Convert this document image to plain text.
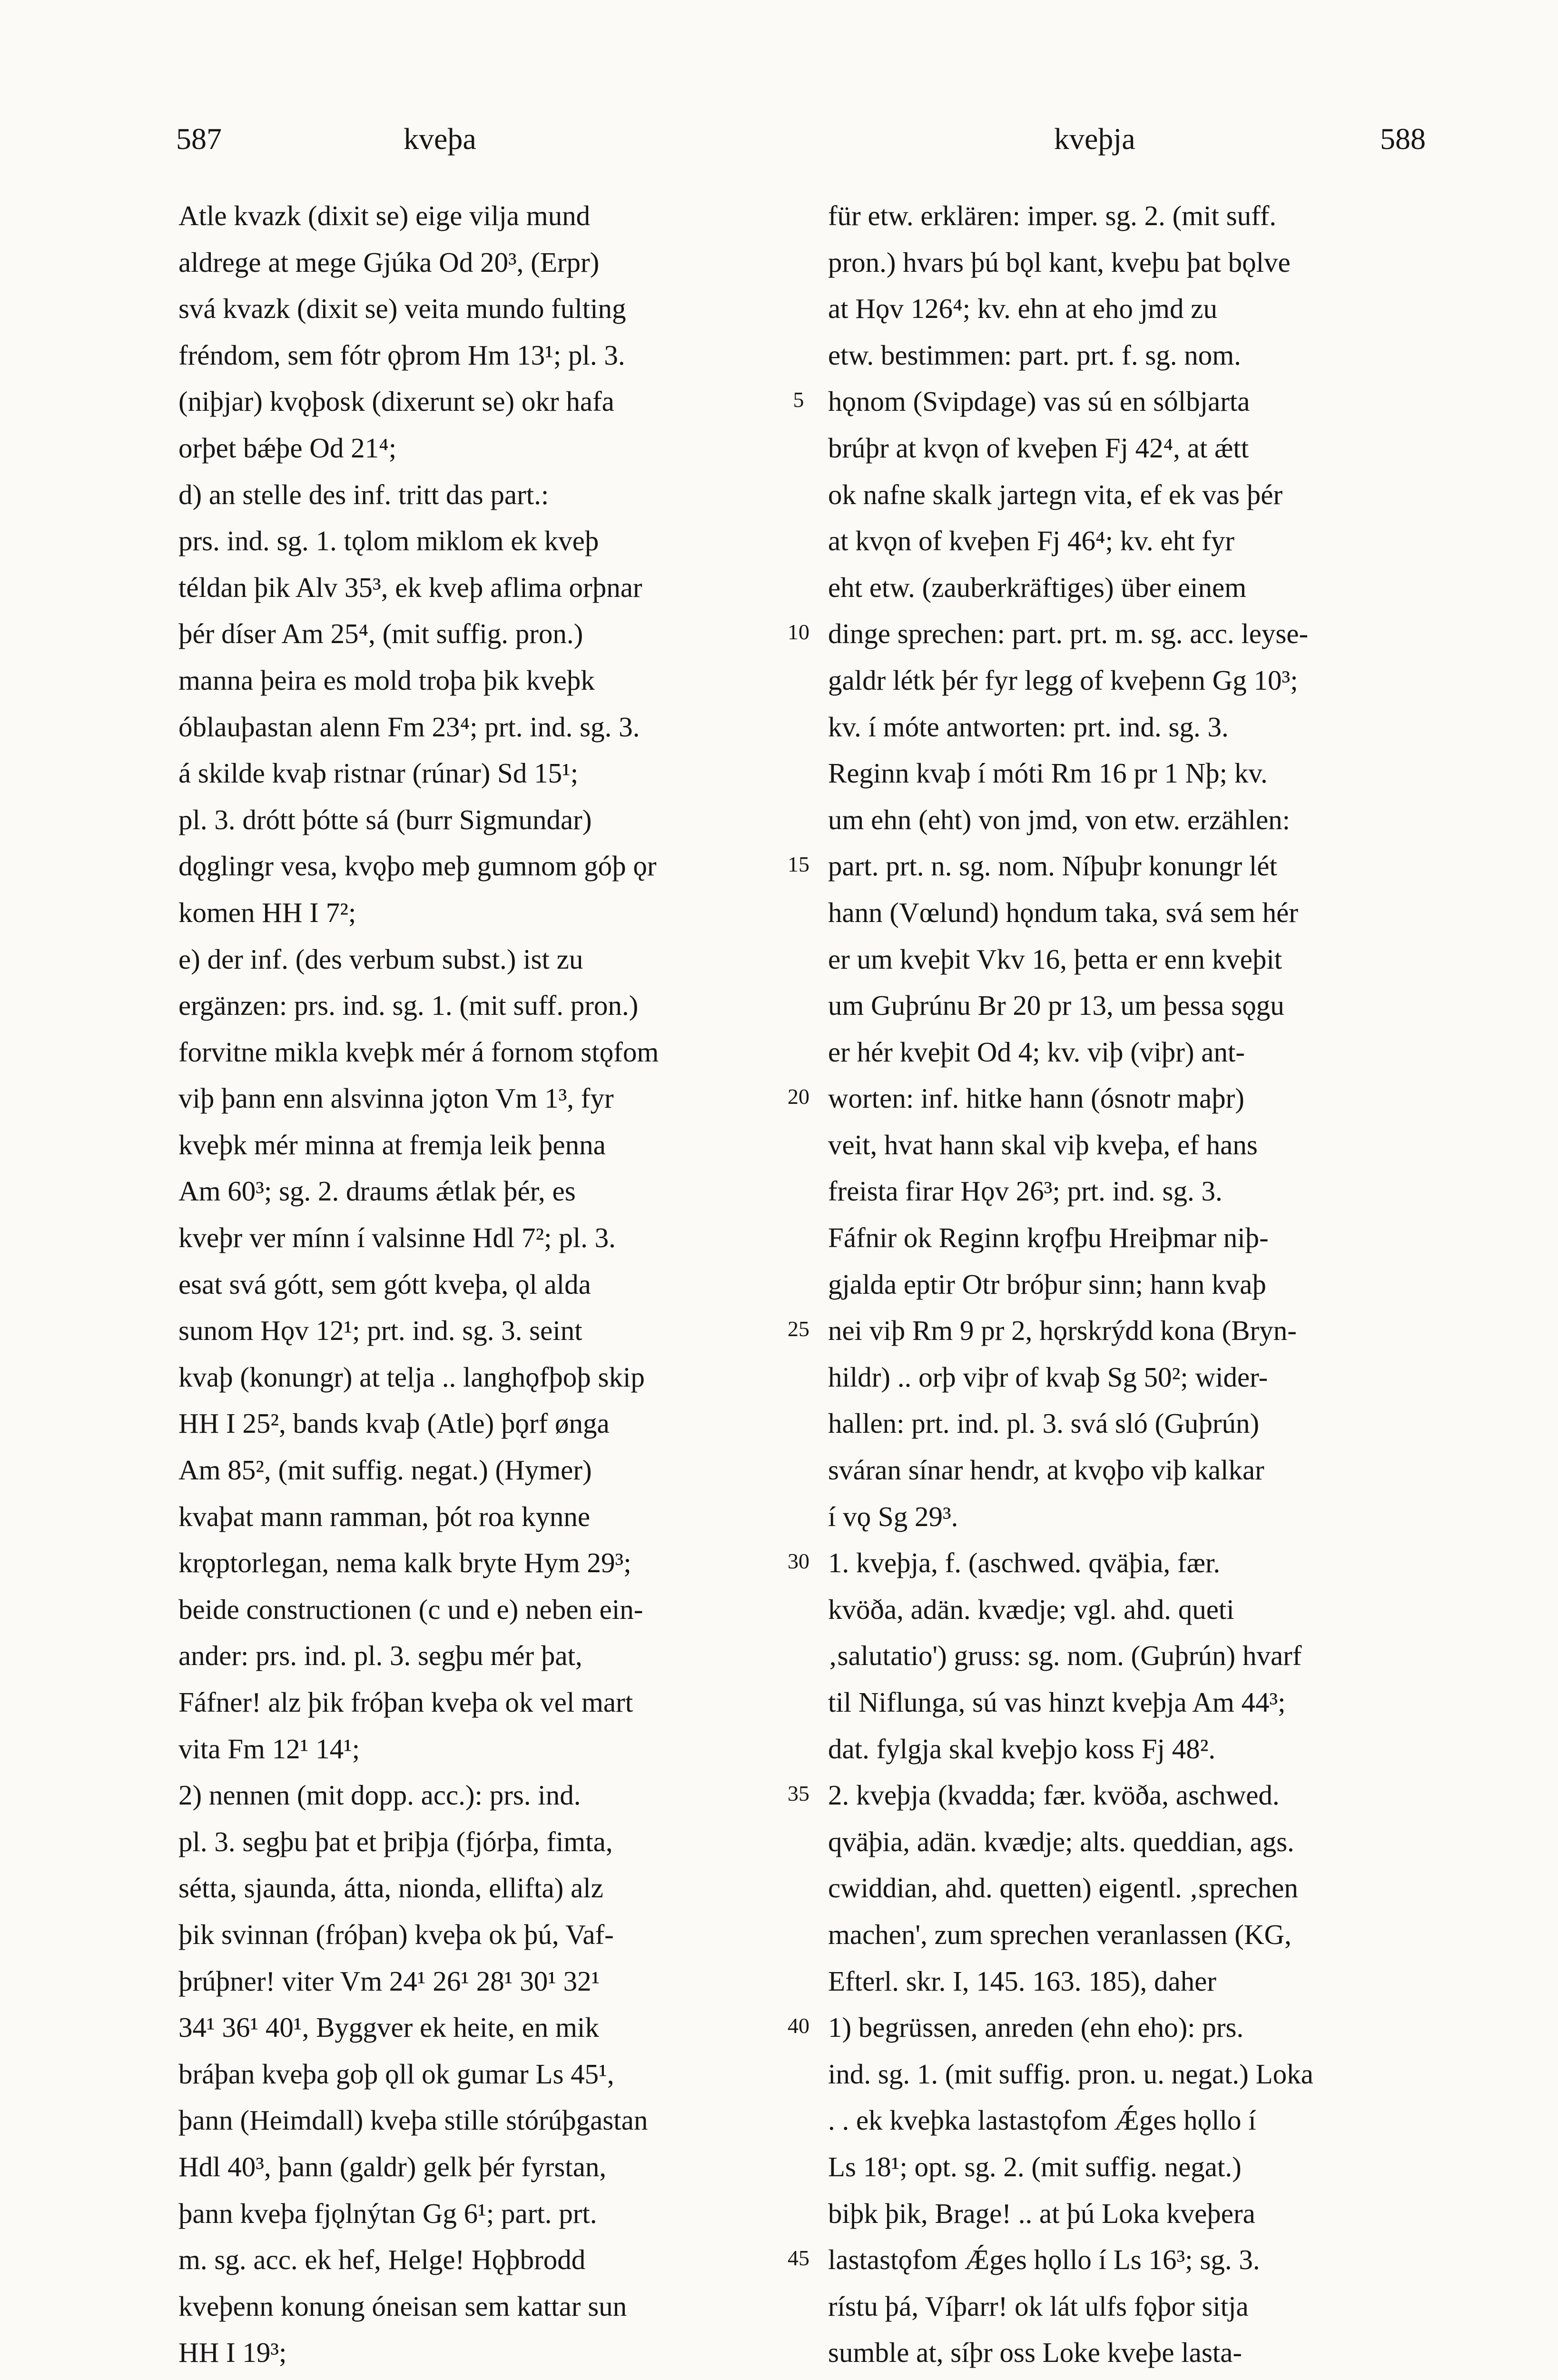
587	kveþa	kveþja	588
Atle kvazk (dixit se) eige vilja mund
aldrege at mege Gjúka Od 20³, (Erpr)
svá kvazk (dixit se) veita mundo fulting
fréndom, sem fótr ǫþrom Hm 13¹; pl. 3.
(niþjar) kvǫþosk (dixerunt se) okr hafa
orþet bǽþe Od 21⁴;
d) an stelle des inf. tritt das part.:
prs. ind. sg. 1. tǫlom miklom ek kveþ
téldan þik Alv 35³, ek kveþ aflima orþnar
þér díser Am 25⁴, (mit suffig. pron.)
manna þeira es mold troþa þik kveþk
óblauþastan alenn Fm 23⁴; prt. ind. sg. 3.
á skilde kvaþ ristnar (rúnar) Sd 15¹;
pl. 3. drótt þótte sá (burr Sigmundar)
dǫglingr vesa, kvǫþo meþ gumnom góþ ǫr
komen HH I 7²;
e) der inf. (des verbum subst.) ist zu
ergänzen: prs. ind. sg. 1. (mit suff. pron.)
forvitne mikla kveþk mér á fornom stǫfom
viþ þann enn alsvinna jǫton Vm 1³, fyr
kveþk mér minna at fremja leik þenna
Am 60³; sg. 2. draums ǽtlak þér, es
kveþr ver mínn í valsinne Hdl 7²; pl. 3.
esat svá gótt, sem gótt kveþa, ǫl alda
sunom Hǫv 12¹; prt. ind. sg. 3. seint
kvaþ (konungr) at telja .. langhǫfþoþ skip
HH I 25², bands kvaþ (Atle) þǫrf ønga
Am 85², (mit suffig. negat.) (Hymer)
kvaþat mann ramman, þót roa kynne
krǫptorlegan, nema kalk bryte Hym 29³;
beide constructionen (c und e) neben ein-
ander: prs. ind. pl. 3. segþu mér þat,
Fáfner! alz þik fróþan kveþa ok vel mart
vita Fm 12¹ 14¹;
2) nennen (mit dopp. acc.): prs. ind.
pl. 3. segþu þat et þriþja (fjórþa, fimta,
sétta, sjaunda, átta, nionda, ellifta) alz
þik svinnan (fróþan) kveþa ok þú, Vaf-
þrúþner! viter Vm 24¹ 26¹ 28¹ 30¹ 32¹
34¹ 36¹ 40¹, Byggver ek heite, en mik
bráþan kveþa goþ ǫll ok gumar Ls 45¹,
þann (Heimdall) kveþa stille stórúþgastan
Hdl 40³, þann (galdr) gelk þér fyrstan,
þann kveþa fjǫlnýtan Gg 6¹; part. prt.
m. sg. acc. ek hef, Helge! Hǫþbrodd
kveþenn konung óneisan sem kattar sun
HH I 19³;
für etw. erklären: imper. sg. 2. (mit suff.
pron.) hvars þú bǫl kant, kveþu þat bǫlve
at Hǫv 126⁴; kv. ehn at eho jmd zu
etw. bestimmen: part. prt. f. sg. nom.
hǫnom (Svipdage) vas sú en sólbjarta
brúþr at kvǫn of kveþen Fj 42⁴, at ǽtt
ok nafne skalk jartegn vita, ef ek vas þér
at kvǫn of kveþen Fj 46⁴; kv. eht fyr
eht etw. (zauberkräftiges) über einem
dinge sprechen: part. prt. m. sg. acc. leyse-
galdr létk þér fyr legg of kveþenn Gg 10³;
kv. í móte antworten: prt. ind. sg. 3.
Reginn kvaþ í móti Rm 16 pr 1 Nþ; kv.
um ehn (eht) von jmd, von etw. erzählen:
part. prt. n. sg. nom. Níþuþr konungr lét
hann (Vœlund) hǫndum taka, svá sem hér
er um kveþit Vkv 16, þetta er enn kveþit
um Guþrúnu Br 20 pr 13, um þessa sǫgu
er hér kveþit Od 4; kv. viþ (viþr) ant-
worten: inf. hitke hann (ósnotr maþr)
veit, hvat hann skal viþ kveþa, ef hans
freista firar Hǫv 26³; prt. ind. sg. 3.
Fáfnir ok Reginn krǫfþu Hreiþmar niþ-
gjalda eptir Otr bróþur sinn; hann kvaþ
nei viþ Rm 9 pr 2, hǫrskrýdd kona (Bryn-
hildr) .. orþ viþr of kvaþ Sg 50²; wider-
hallen: prt. ind. pl. 3. svá sló (Guþrún)
sváran sínar hendr, at kvǫþo viþ kalkar
í vǫ Sg 29³.
1. kveþja, f. (aschwed. qväþia, fær.
kvöða, adän. kvædje; vgl. ahd. queti
‚salutatio') gruss: sg. nom. (Guþrún) hvarf
til Niflunga, sú vas hinzt kveþja Am 44³;
dat. fylgja skal kveþjo koss Fj 48².
2. kveþja (kvadda; fær. kvöða, aschwed.
qväþia, adän. kvædje; alts. queddian, ags.
cwiddian, ahd. quetten) eigentl. ‚sprechen
machen', zum sprechen veranlassen (KG,
Efterl. skr. I, 145. 163. 185), daher
1) begrüssen, anreden (ehn eho): prs.
ind. sg. 1. (mit suffig. pron. u. negat.) Loka
. . ek kveþka lastastǫfom Ǽges hǫllo í
Ls 18¹; opt. sg. 2. (mit suffig. negat.)
biþk þik, Brage! .. at þú Loka kveþera
lastastǫfom Ǽges hǫllo í Ls 16³; sg. 3.
rístu þá, Víþarr! ok lát ulfs fǫþor sitja
sumble at, síþr oss Loke kveþe lasta-
5
10
15
20
25
30
35
40
45
